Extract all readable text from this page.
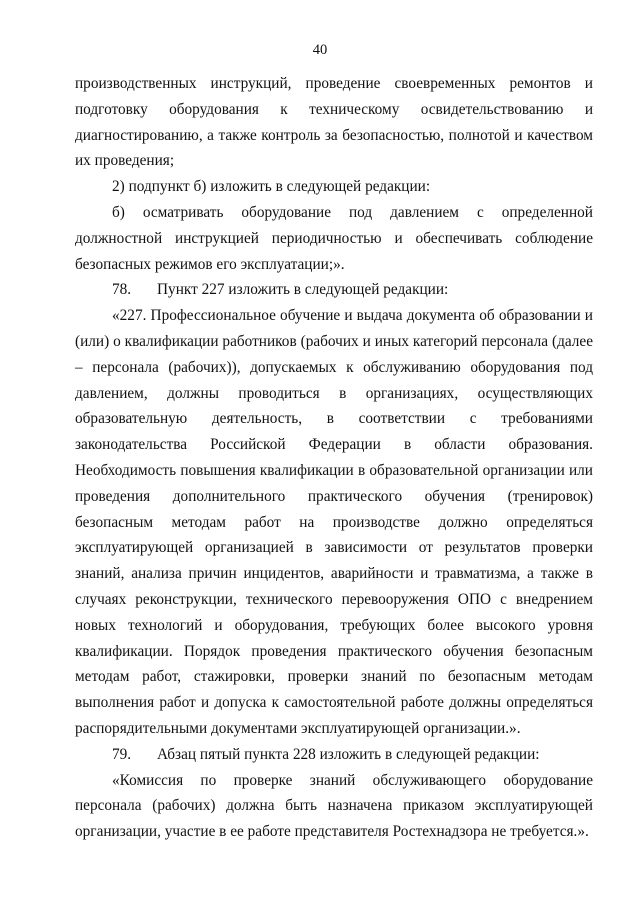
40

производственных инструкций, проведение своевременных ремонтов и подготовку оборудования к техническому освидетельствованию и диагностированию, а также контроль за безопасностью, полнотой и качеством их проведения;

2) подпункт б) изложить в следующей редакции:

б) осматривать оборудование под давлением с определенной должностной инструкцией периодичностью и обеспечивать соблюдение безопасных режимов его эксплуатации;».

78. Пункт 227 изложить в следующей редакции:

«227. Профессиональное обучение и выдача документа об образовании и (или) о квалификации работников (рабочих и иных категорий персонала (далее – персонала (рабочих)), допускаемых к обслуживанию оборудования под давлением, должны проводиться в организациях, осуществляющих образовательную деятельность, в соответствии с требованиями законодательства Российской Федерации в области образования. Необходимость повышения квалификации в образовательной организации или проведения дополнительного практического обучения (тренировок) безопасным методам работ на производстве должно определяться эксплуатирующей организацией в зависимости от результатов проверки знаний, анализа причин инцидентов, аварийности и травматизма, а также в случаях реконструкции, технического перевооружения ОПО с внедрением новых технологий и оборудования, требующих более высокого уровня квалификации. Порядок проведения практического обучения безопасным методам работ, стажировки, проверки знаний по безопасным методам выполнения работ и допуска к самостоятельной работе должны определяться распорядительными документами эксплуатирующей организации.».

79. Абзац пятый пункта 228 изложить в следующей редакции:

«Комиссия по проверке знаний обслуживающего оборудование персонала (рабочих) должна быть назначена приказом эксплуатирующей организации, участие в ее работе представителя Ростехнадзора не требуется.».
